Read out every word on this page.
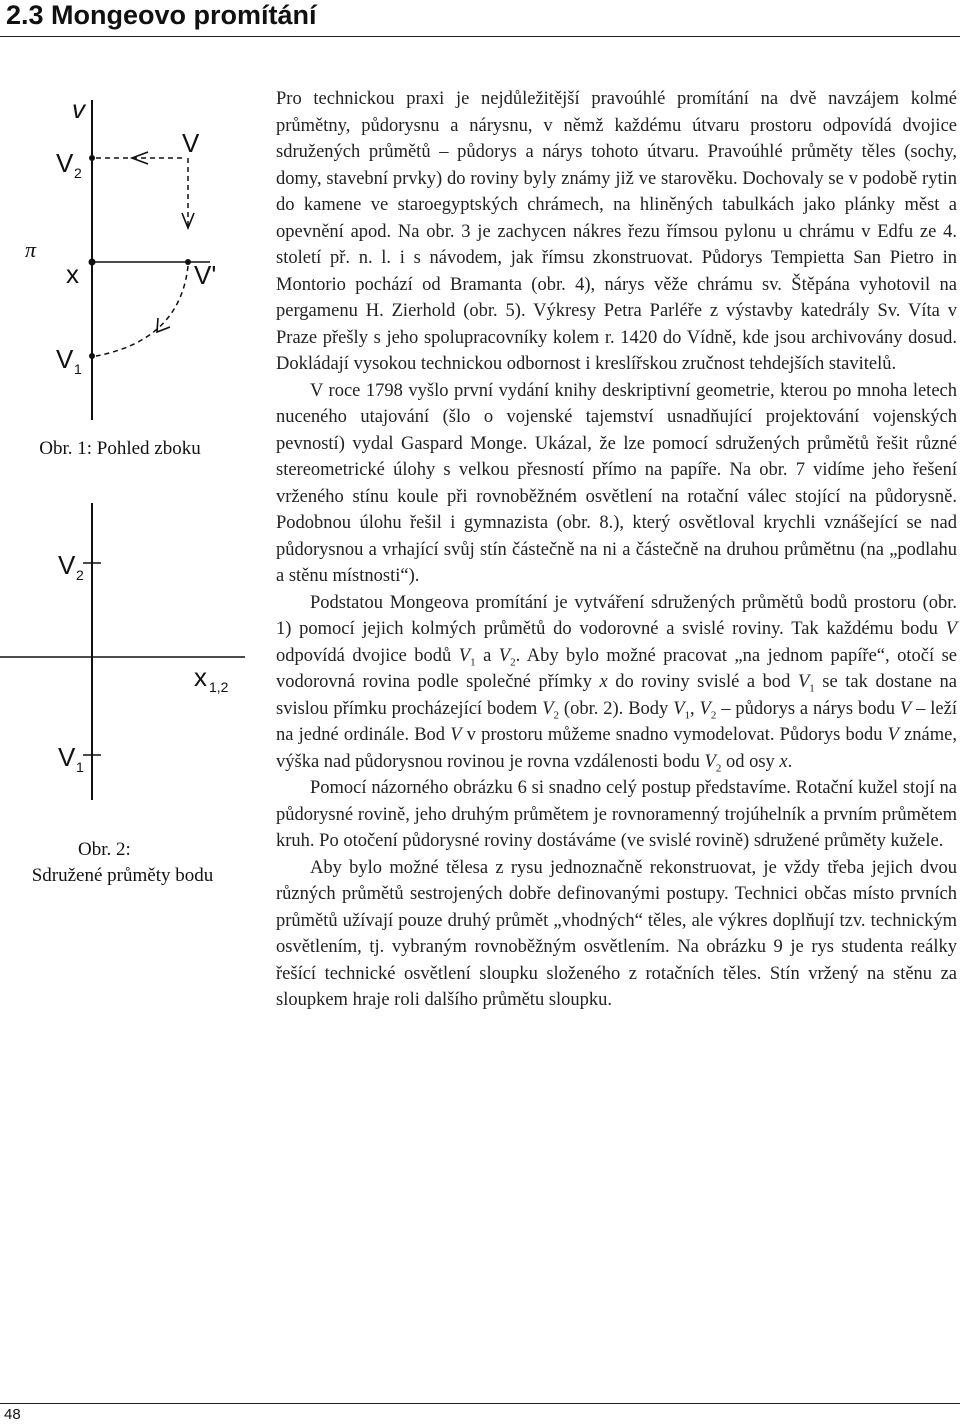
2.3 Mongeovo promítání
v
V 2
π
x
V 1
V
V'
V 2
x 1,2
V 1
Obr. 1: Pohled zboku
Obr. 2:
Sdružené průměty bodu

Pro technickou praxi je nejdůležitější pravoúhlé promítání na dvě navzájem kolmé průmětny, půdorysnu a nárysnu, v němž každému útvaru prostoru odpovídá dvojice sdružených průmětů – půdorys a nárys tohoto útvaru. Pravoúhlé průměty těles (sochy, domy, stavební prvky) do roviny byly známy již ve starověku. Dochovaly se v podobě rytin do kamene ve staroegyptských chrámech, na hliněných tabulkách jako plánky měst a opevnění apod. Na obr. 3 je zachycen nákres řezu římsou pylonu u chrámu v Edfu ze 4. století př. n. l. i s návodem, jak římsu zkonstruovat. Půdorys Tempietta San Pietro in Montorio pochází od Bramanta (obr. 4), nárys věže chrámu sv. Štěpána vyhotovil na pergamenu H. Zierhold (obr. 5). Výkresy Petra Parléře z výstavby katedrály Sv. Víta v Praze přešly s jeho spolupracovníky kolem r. 1420 do Vídně, kde jsou archivovány dosud. Dokládají vysokou technickou odbornost i kreslířskou zručnost tehdejších stavitelů.

V roce 1798 vyšlo první vydání knihy deskriptivní geometrie, kterou po mnoha letech nuceného utajování (šlo o vojenské tajemství usnadňující projektování vojenských pevností) vydal Gaspard Monge. Ukázal, že lze pomocí sdružených průmětů řešit různé stereometrické úlohy s velkou přesností přímo na papíře. Na obr. 7 vidíme jeho řešení vrženého stínu koule při rovnoběžném osvětlení na rotační válec stojící na půdorysně. Podobnou úlohu řešil i gymnazista (obr. 8.), který osvětloval krychli vznášející se nad půdorysnou a vrhající svůj stín částečně na ni a částečně na druhou průmětnu (na „podlahu a stěnu místnosti“).

Podstatou Mongeova promítání je vytváření sdružených průmětů bodů prostoru (obr. 1) pomocí jejich kolmých průmětů do vodorovné a svislé roviny. Tak každému bodu V odpovídá dvojice bodů $V_1$ a $V_2$. Aby bylo možné pracovat „na jednom papíře“, otočí se vodorovná rovina podle společné přímky x do roviny svislé a bod $V_1$ se tak dostane na svislou přímku procházející bodem $V_2$ (obr. 2). Body $V_1$, $V_2$ – půdorys a nárys bodu V – leží na jedné ordinále. Bod V v prostoru můžeme snadno vymodelovat. Půdorys bodu V známe, výška nad půdorysnou rovinou je rovna vzdálenosti bodu $V_2$ od osy x.

Pomocí názorného obrázku 6 si snadno celý postup představíme. Rotační kužel stojí na půdorysné rovině, jeho druhým průmětem je rovnoramenný trojúhelník a prvním průmětem kruh. Po otočení půdorysné roviny dostáváme (ve svislé rovině) sdružené průměty kužele.

Aby bylo možné tělesa z rysu jednoznačně rekonstruovat, je vždy třeba jejich dvou různých průmětů sestrojených dobře definovanými postupy. Technici občas místo prvních průmětů užívají pouze druhý průmět „vhodných“ těles, ale výkres doplňují tzv. technickým osvětlením, tj. vybraným rovnoběžným osvětlením. Na obrázku 9 je rys studenta reálky řešící technické osvětlení sloupku složeného z rotačních těles. Stín vržený na stěnu za sloupkem hraje roli dalšího průmětu sloupku.

48
